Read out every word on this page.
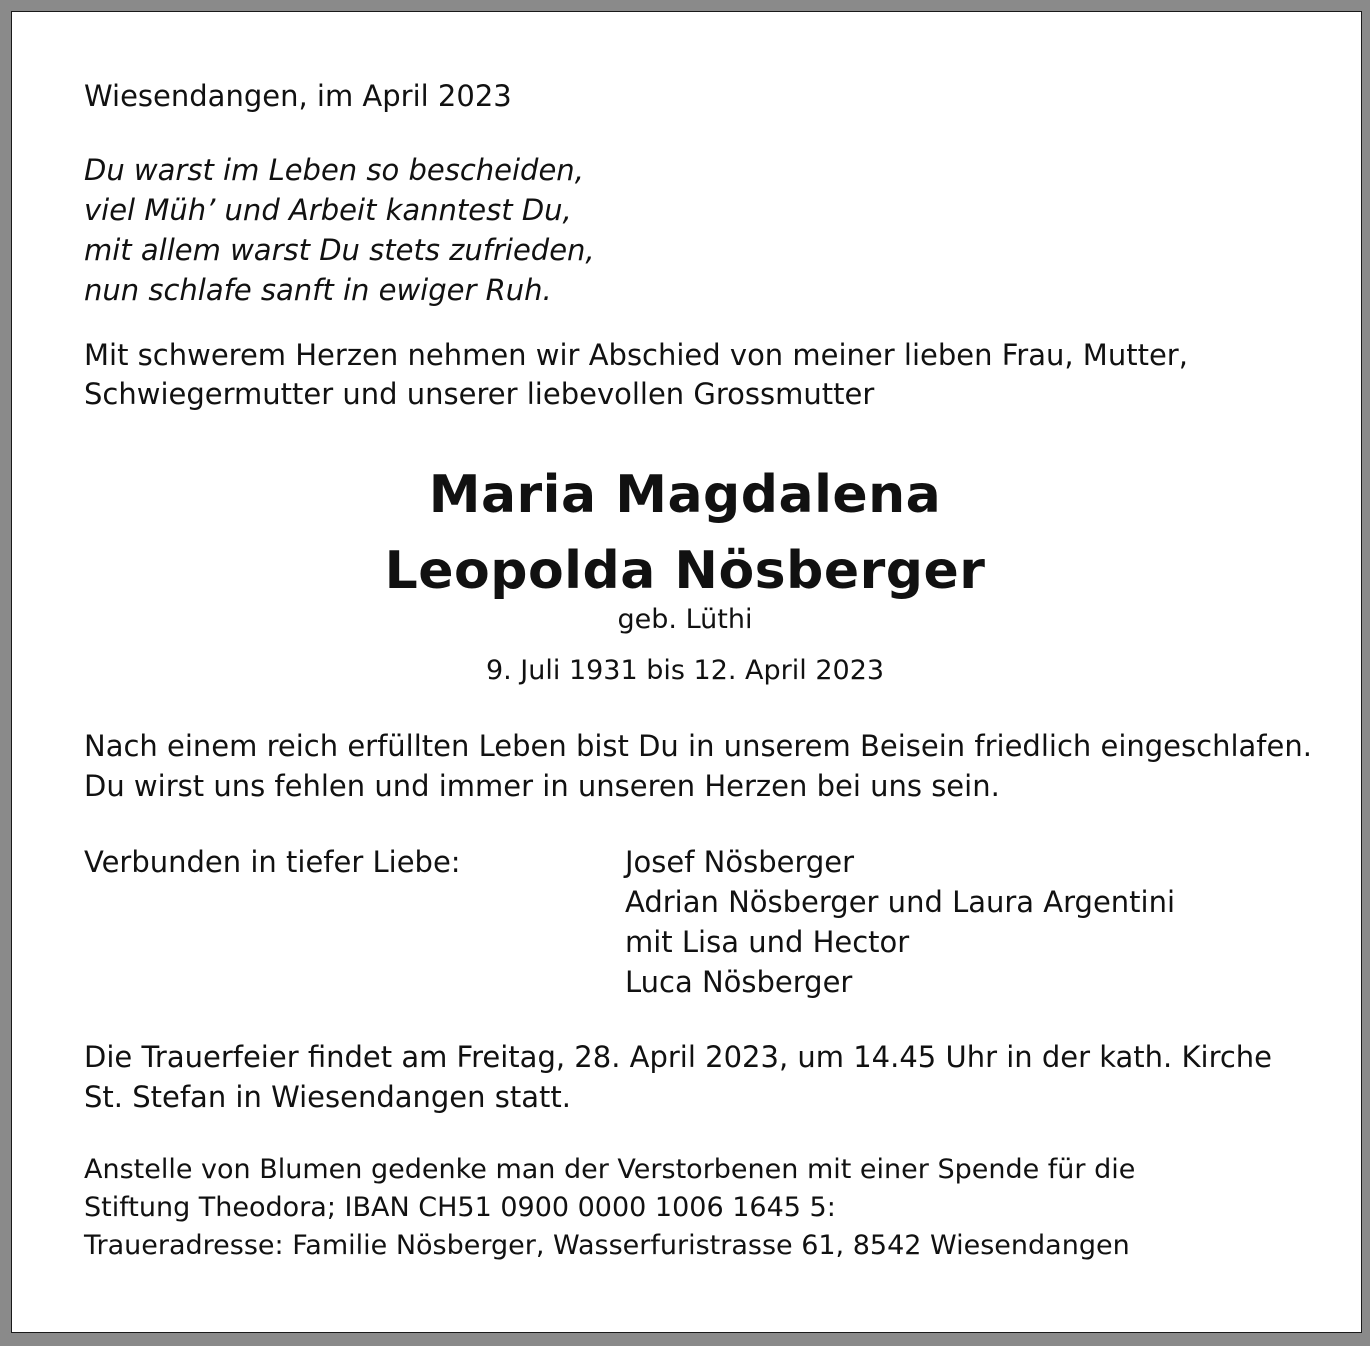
Wiesendangen, im April 2023

Du warst im Leben so bescheiden,

viel Müh’ und Arbeit kanntest Du,

mit allem warst Du stets zufrieden,

nun schlafe sanft in ewiger Ruh.

Mit schwerem Herzen nehmen wir Abschied von meiner lieben Frau, Mutter,

Schwiegermutter und unserer liebevollen Grossmutter

Maria Magdalena
Leopolda Nösberger
geb. Lüthi
9. Juli 1931 bis 12. April 2023

Nach einem reich erfüllten Leben bist Du in unserem Beisein friedlich eingeschlafen.

Du wirst uns fehlen und immer in unseren Herzen bei uns sein.

Verbunden in tiefer Liebe:	Josef Nösberger

Adrian Nösberger und Laura Argentini

mit Lisa und Hector

Luca Nösberger

Die Trauerfeier findet am Freitag, 28. April 2023, um 14.45 Uhr in der kath. Kirche

St. Stefan in Wiesendangen statt.

Anstelle von Blumen gedenke man der Verstorbenen mit einer Spende für die

Stiftung Theodora; IBAN CH51 0900 0000 1006 1645 5:

Traueradresse: Familie Nösberger, Wasserfuristrasse 61, 8542 Wiesendangen
